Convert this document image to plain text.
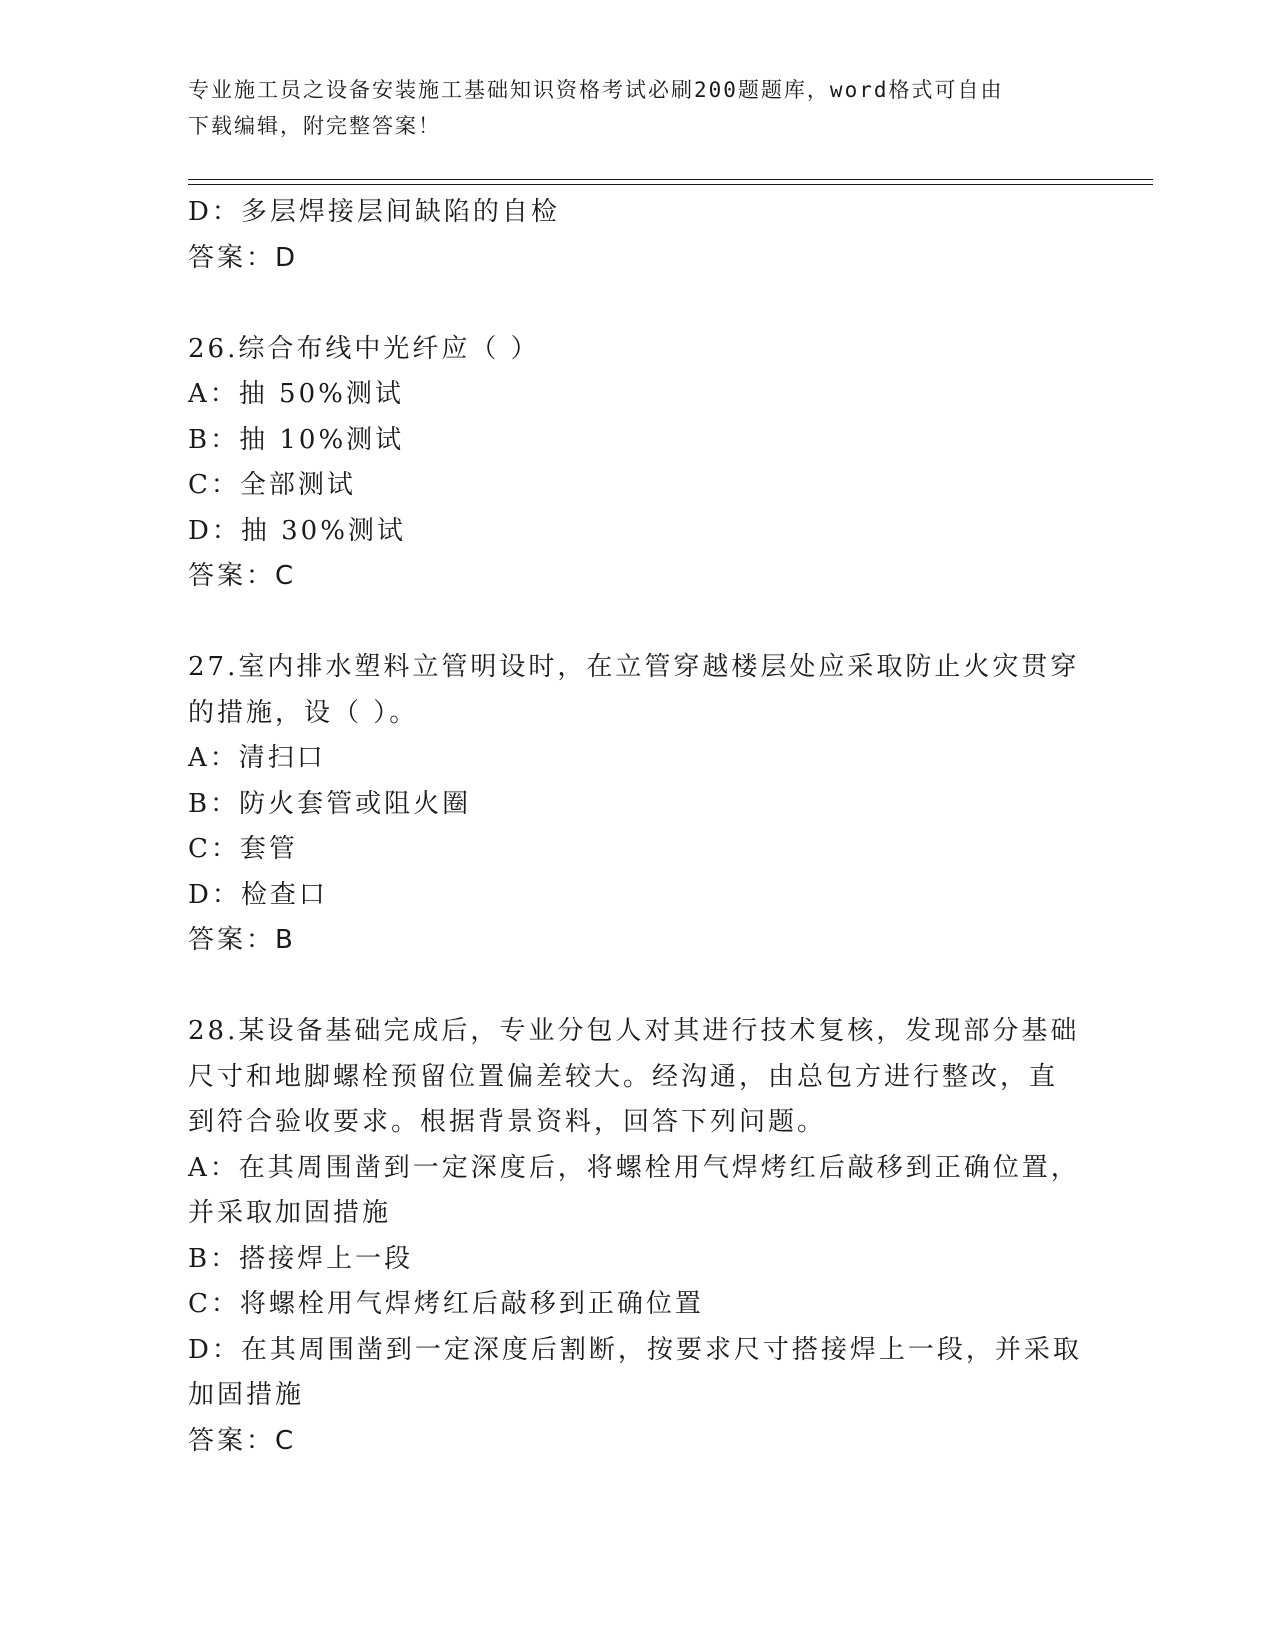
专业施工员之设备安装施工基础知识资格考试必刷200题题库，word格式可自由
下载编辑，附完整答案！
D：多层焊接层间缺陷的自检
答案：D
26.综合布线中光纤应（ ）
A：抽 50%测试
B：抽 10%测试
C：全部测试
D：抽 30%测试
答案：C
27.室内排水塑料立管明设时，在立管穿越楼层处应采取防止火灾贯穿
的措施，设（ ）。
A：清扫口
B：防火套管或阻火圈
C：套管
D：检查口
答案：B
28.某设备基础完成后，专业分包人对其进行技术复核，发现部分基础
尺寸和地脚螺栓预留位置偏差较大。经沟通，由总包方进行整改，直
到符合验收要求。根据背景资料，回答下列问题。
A：在其周围凿到一定深度后，将螺栓用气焊烤红后敲移到正确位置，
并采取加固措施
B：搭接焊上一段
C：将螺栓用气焊烤红后敲移到正确位置
D：在其周围凿到一定深度后割断，按要求尺寸搭接焊上一段，并采取
加固措施
答案：C
